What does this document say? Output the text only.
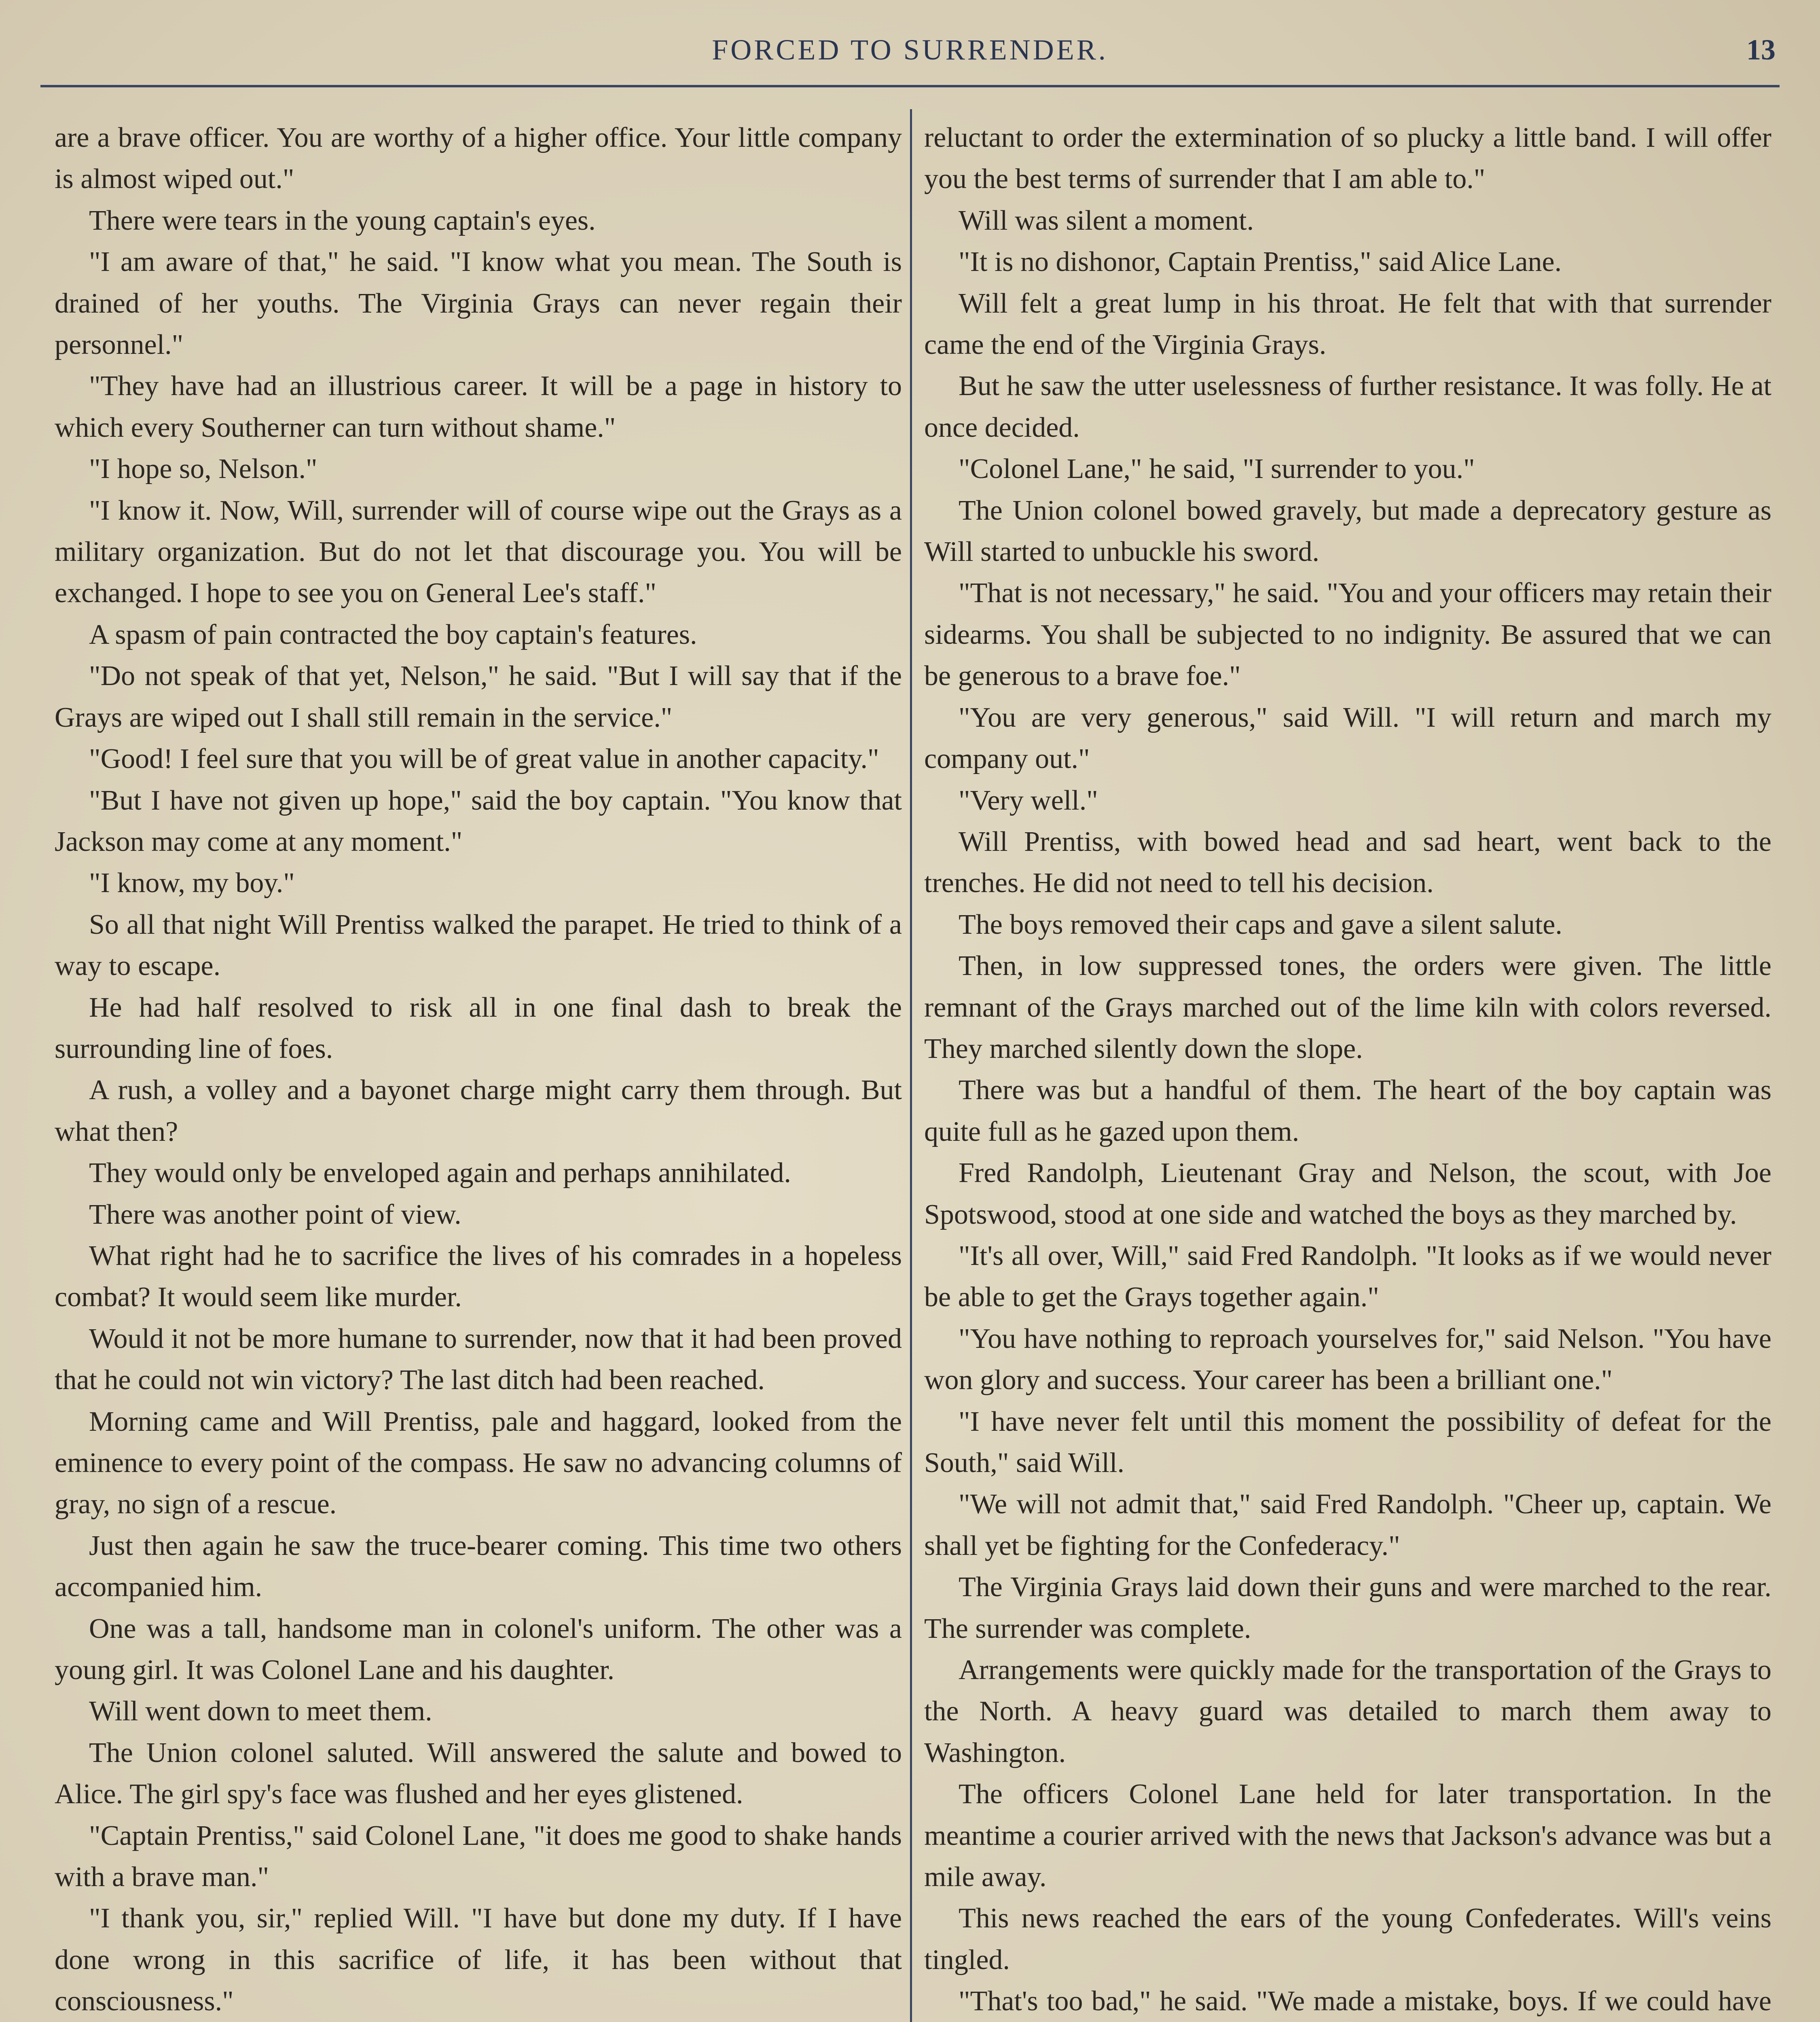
FORCED TO SURRENDER.	13

are a brave officer. You are worthy of a higher office. Your little company is almost wiped out."

There were tears in the young captain's eyes.

"I am aware of that," he said. "I know what you mean. The South is drained of her youths. The Virginia Grays can never regain their personnel."

"They have had an illustrious career. It will be a page in history to which every Southerner can turn without shame."

"I hope so, Nelson."

"I know it. Now, Will, surrender will of course wipe out the Grays as a military organization. But do not let that discourage you. You will be exchanged. I hope to see you on General Lee's staff."

A spasm of pain contracted the boy captain's features.

"Do not speak of that yet, Nelson," he said. "But I will say that if the Grays are wiped out I shall still remain in the service."

"Good! I feel sure that you will be of great value in another capacity."

"But I have not given up hope," said the boy captain. "You know that Jackson may come at any moment."

"I know, my boy."

So all that night Will Prentiss walked the parapet. He tried to think of a way to escape.

He had half resolved to risk all in one final dash to break the surrounding line of foes.

A rush, a volley and a bayonet charge might carry them through. But what then?

They would only be enveloped again and perhaps annihilated.

There was another point of view.

What right had he to sacrifice the lives of his comrades in a hopeless combat? It would seem like murder.

Would it not be more humane to surrender, now that it had been proved that he could not win victory? The last ditch had been reached.

Morning came and Will Prentiss, pale and haggard, looked from the eminence to every point of the compass. He saw no advancing columns of gray, no sign of a rescue.

Just then again he saw the truce-bearer coming. This time two others accompanied him.

One was a tall, handsome man in colonel's uniform. The other was a young girl. It was Colonel Lane and his daughter.

Will went down to meet them.

The Union colonel saluted. Will answered the salute and bowed to Alice. The girl spy's face was flushed and her eyes glistened.

"Captain Prentiss," said Colonel Lane, "it does me good to shake hands with a brave man."

"I thank you, sir," replied Will. "I have but done my duty. If I have done wrong in this sacrifice of life, it has been without that consciousness."

reluctant to order the extermination of so plucky a little band. I will offer you the best terms of surrender that I am able to."

Will was silent a moment.

"It is no dishonor, Captain Prentiss," said Alice Lane.

Will felt a great lump in his throat. He felt that with that surrender came the end of the Virginia Grays.

But he saw the utter uselessness of further resistance. It was folly. He at once decided.

"Colonel Lane," he said, "I surrender to you."

The Union colonel bowed gravely, but made a deprecatory gesture as Will started to unbuckle his sword.

"That is not necessary," he said. "You and your officers may retain their sidearms. You shall be subjected to no indignity. Be assured that we can be generous to a brave foe."

"You are very generous," said Will. "I will return and march my company out."

"Very well."

Will Prentiss, with bowed head and sad heart, went back to the trenches. He did not need to tell his decision.

The boys removed their caps and gave a silent salute.

Then, in low suppressed tones, the orders were given. The little remnant of the Grays marched out of the lime kiln with colors reversed. They marched silently down the slope.

There was but a handful of them. The heart of the boy captain was quite full as he gazed upon them.

Fred Randolph, Lieutenant Gray and Nelson, the scout, with Joe Spotswood, stood at one side and watched the boys as they marched by.

"It's all over, Will," said Fred Randolph. "It looks as if we would never be able to get the Grays together again."

"You have nothing to reproach yourselves for," said Nelson. "You have won glory and success. Your career has been a brilliant one."

"I have never felt until this moment the possibility of defeat for the South," said Will.

"We will not admit that," said Fred Randolph. "Cheer up, captain. We shall yet be fighting for the Confederacy."

The Virginia Grays laid down their guns and were marched to the rear. The surrender was complete.

Arrangements were quickly made for the transportation of the Grays to the North. A heavy guard was detailed to march them away to Washington.

The officers Colonel Lane held for later transportation. In the meantime a courier arrived with the news that Jackson's advance was but a mile away.

This news reached the ears of the young Confederates. Will's veins tingled.

"That's too bad," he said. "We made a mistake, boys. If we could have
